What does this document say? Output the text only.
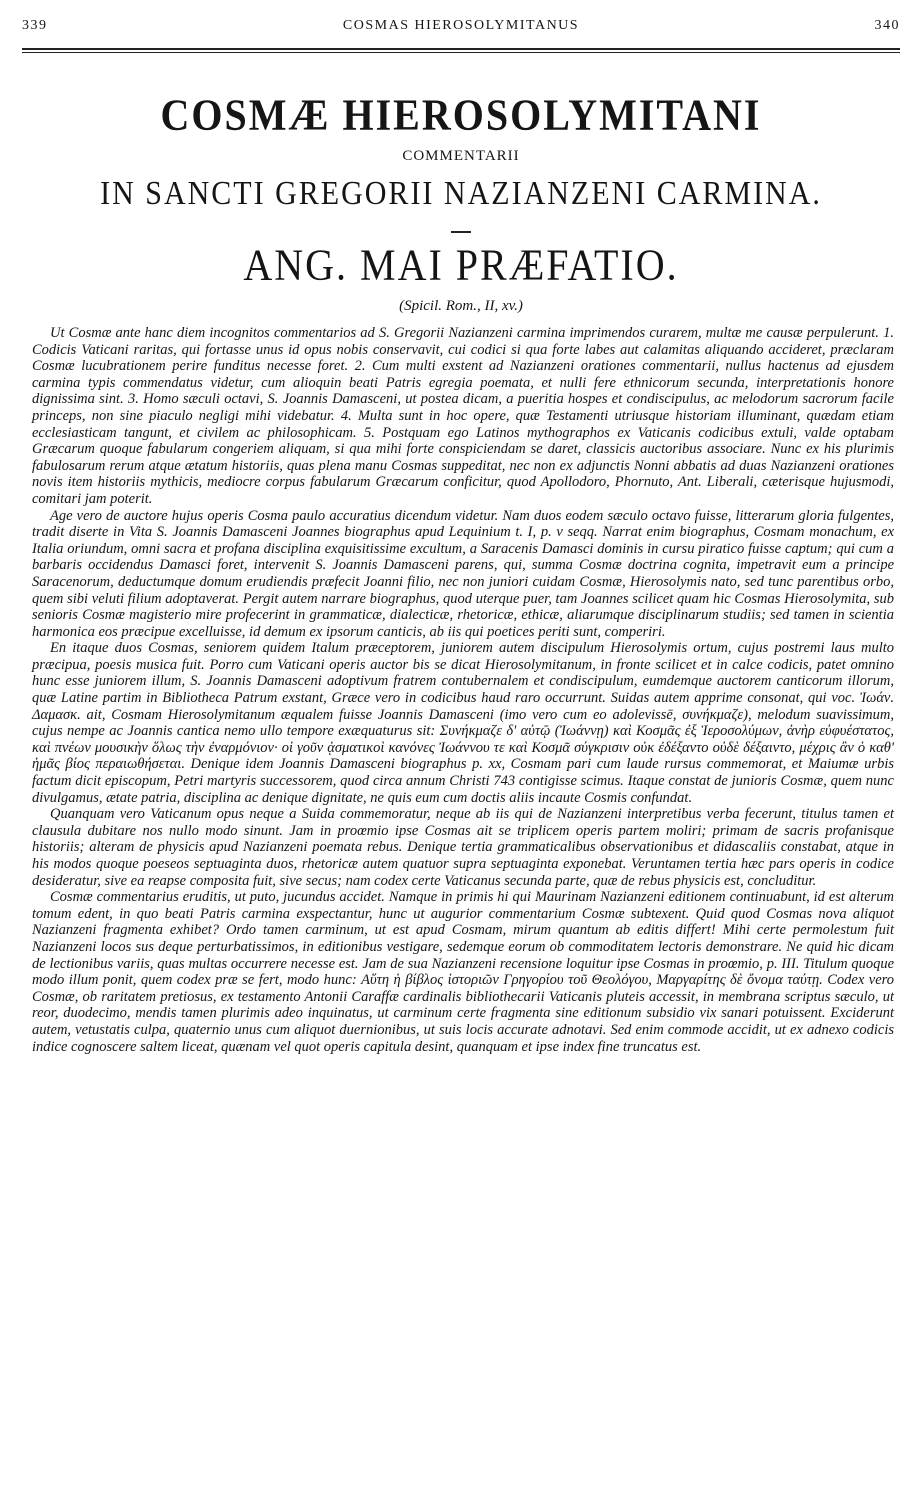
339	COSMAS HIEROSOLYMITANUS	340
COSMÆ HIEROSOLYMITANI
COMMENTARII
IN SANCTI GREGORII NAZIANZENI CARMINA.
ANG. MAI PRÆFATIO.
(Spicil. Rom., II, xv.)

Ut Cosmæ ante hanc diem incognitos commentarios ad S. Gregorii Nazianzeni carmina imprimendos curarem, multæ me causæ perpulerunt. 1. Codicis Vaticani raritas, qui fortasse unus id opus nobis conservavit, cui codici si qua forte labes aut calamitas aliquando accideret, præclaram Cosmæ lucubrationem perire funditus necesse foret. 2. Cum multi exstent ad Nazianzeni orationes commentarii, nullus hactenus ad ejusdem carmina typis commendatus videtur, cum alioquin beati Patris egregia poemata, et nulli fere ethnicorum secunda, interpretationis honore dignissima sint. 3. Homo sæculi octavi, S. Joannis Damasceni, ut postea dicam, a pueritia hospes et condiscipulus, ac melodorum sacrorum facile princeps, non sine piaculo negligi mihi videbatur. 4. Multa sunt in hoc opere, quæ Testamenti utriusque historiam illuminant, quædam etiam ecclesiasticam tangunt, et civilem ac philosophicam. 5. Postquam ego Latinos mythographos ex Vaticanis codicibus extuli, valde optabam Græcarum quoque fabularum congeriem aliquam, si qua mihi forte conspiciendam se daret, classicis auctoribus associare. Nunc ex his plurimis fabulosarum rerum atque ætatum historiis, quas plena manu Cosmas suppeditat, nec non ex adjunctis Nonni abbatis ad duas Nazianzeni orationes novis item historiis mythicis, mediocre corpus fabularum Græcarum conficitur, quod Apollodoro, Phornuto, Ant. Liberali, cæterisque hujusmodi, comitari jam poterit.

Age vero de auctore hujus operis Cosma paulo accuratius dicendum videtur. Nam duos eodem sæculo octavo fuisse, litterarum gloria fulgentes, tradit diserte in Vita S. Joannis Damasceni Joannes biographus apud Lequinium t. I, p. v seqq. Narrat enim biographus, Cosmam monachum, ex Italia oriundum, omni sacra et profana disciplina exquisitissime excultum, a Saracenis Damasci dominis in cursu piratico fuisse captum; qui cum a barbaris occidendus Damasci foret, intervenit S. Joannis Damasceni parens, qui, summa Cosmæ doctrina cognita, impetravit eum a principe Saracenorum, deductumque domum erudiendis præfecit Joanni filio, nec non juniori cuidam Cosmæ, Hierosolymis nato, sed tunc parentibus orbo, quem sibi veluti filium adoptaverat. Pergit autem narrare biographus, quod uterque puer, tam Joannes scilicet quam hic Cosmas Hierosolymita, sub senioris Cosmæ magisterio mire profecerint in grammaticæ, dialecticæ, rhetoricæ, ethicæ, aliarumque disciplinarum studiis; sed tamen in scientia harmonica eos præcipue excelluisse, id demum ex ipsorum canticis, ab iis qui poetices periti sunt, comperiri.

En itaque duos Cosmas, seniorem quidem Italum præceptorem, juniorem autem discipulum Hierosolymis ortum, cujus postremi laus multo præcipua, poesis musica fuit. Porro cum Vaticani operis auctor bis se dicat Hierosolymitanum, in fronte scilicet et in calce codicis, patet omnino hunc esse juniorem illum, S. Joannis Damasceni adoptivum fratrem contubernalem et condiscipulum, eumdemque auctorem canticorum illorum, quæ Latine partim in Bibliotheca Patrum exstant, Græce vero in codicibus haud raro occurrunt. Suidas autem apprime consonat, qui voc. Ἰωάν. Δαμασκ. ait, Cosmam Hierosolymitanum æqualem fuisse Joannis Damasceni (imo vero cum eo adolevissē, συνήκμαζε), melodum suavissimum, cujus nempe ac Joannis cantica nemo ullo tempore exæquaturus sit: Συνήκμαζε δ' αὐτῷ (Ἰωάννῃ) καὶ Κοσμᾶς ἐξ Ἱεροσολύμων, ἀνὴρ εὐφυέστατος, καὶ πνέων μουσικὴν ὅλως τὴν ἐναρμόνιον· οἱ γοῦν ᾀσματικοὶ κανόνες Ἰωάννου τε καὶ Κοσμᾶ σύγκρισιν οὐκ ἐδέξαντο οὐδὲ δέξαιντο, μέχρις ἂν ὁ καθ' ἡμᾶς βίος περαιωθήσεται. Denique idem Joannis Damasceni biographus p. xx, Cosmam pari cum laude rursus commemorat, et Maiumæ urbis factum dicit episcopum, Petri martyris successorem, quod circa annum Christi 743 contigisse scimus. Itaque constat de junioris Cosmæ, quem nunc divulgamus, ætate patria, disciplina ac denique dignitate, ne quis eum cum doctis aliis incaute Cosmis confundat.

Quanquam vero Vaticanum opus neque a Suida commemoratur, neque ab iis qui de Nazianzeni interpretibus verba fecerunt, titulus tamen et clausula dubitare nos nullo modo sinunt. Jam in proœmio ipse Cosmas ait se triplicem operis partem moliri; primam de sacris profanisque historiis; alteram de physicis apud Nazianzeni poemata rebus. Denique tertia grammaticalibus observationibus et didascaliis constabat, atque in his modos quoque poeseos septuaginta duos, rhetoricæ autem quatuor supra septuaginta exponebat. Veruntamen tertia hæc pars operis in codice desideratur, sive ea reapse composita fuit, sive secus; nam codex certe Vaticanus secunda parte, quæ de rebus physicis est, concluditur.

Cosmæ commentarius eruditis, ut puto, jucundus accidet. Namque in primis hi qui Maurinam Nazianzeni editionem continuabunt, id est alterum tomum edent, in quo beati Patris carmina exspectantur, hunc ut augurior commentarium Cosmæ subtexent. Quid quod Cosmas nova aliquot Nazianzeni fragmenta exhibet? Ordo tamen carminum, ut est apud Cosmam, mirum quantum ab editis differt! Mihi certe permolestum fuit Nazianzeni locos sus deque perturbatissimos, in editionibus vestigare, sedemque eorum ob commoditatem lectoris demonstrare. Ne quid hic dicam de lectionibus variis, quas multas occurrere necesse est. Jam de sua Nazianzeni recensione loquitur ipse Cosmas in proœmio, p. III. Titulum quoque modo illum ponit, quem codex præ se fert, modo hunc: Αὕτη ἡ βίβλος ἱστοριῶν Γρηγορίου τοῦ Θεολόγου, Μαργαρίτης δὲ ὄνομα ταύτῃ. Codex vero Cosmæ, ob raritatem pretiosus, ex testamento Antonii Caraffæ cardinalis bibliothecarii Vaticanis pluteis accessit, in membrana scriptus sæculo, ut reor, duodecimo, mendis tamen plurimis adeo inquinatus, ut carminum certe fragmenta sine editionum subsidio vix sanari potuissent. Exciderunt autem, vetustatis culpa, quaternio unus cum aliquot duernionibus, ut suis locis accurate adnotavi. Sed enim commode accidit, ut ex adnexo codicis indice cognoscere saltem liceat, quænam vel quot operis capitula desint, quanquam et ipse index fine truncatus est.
